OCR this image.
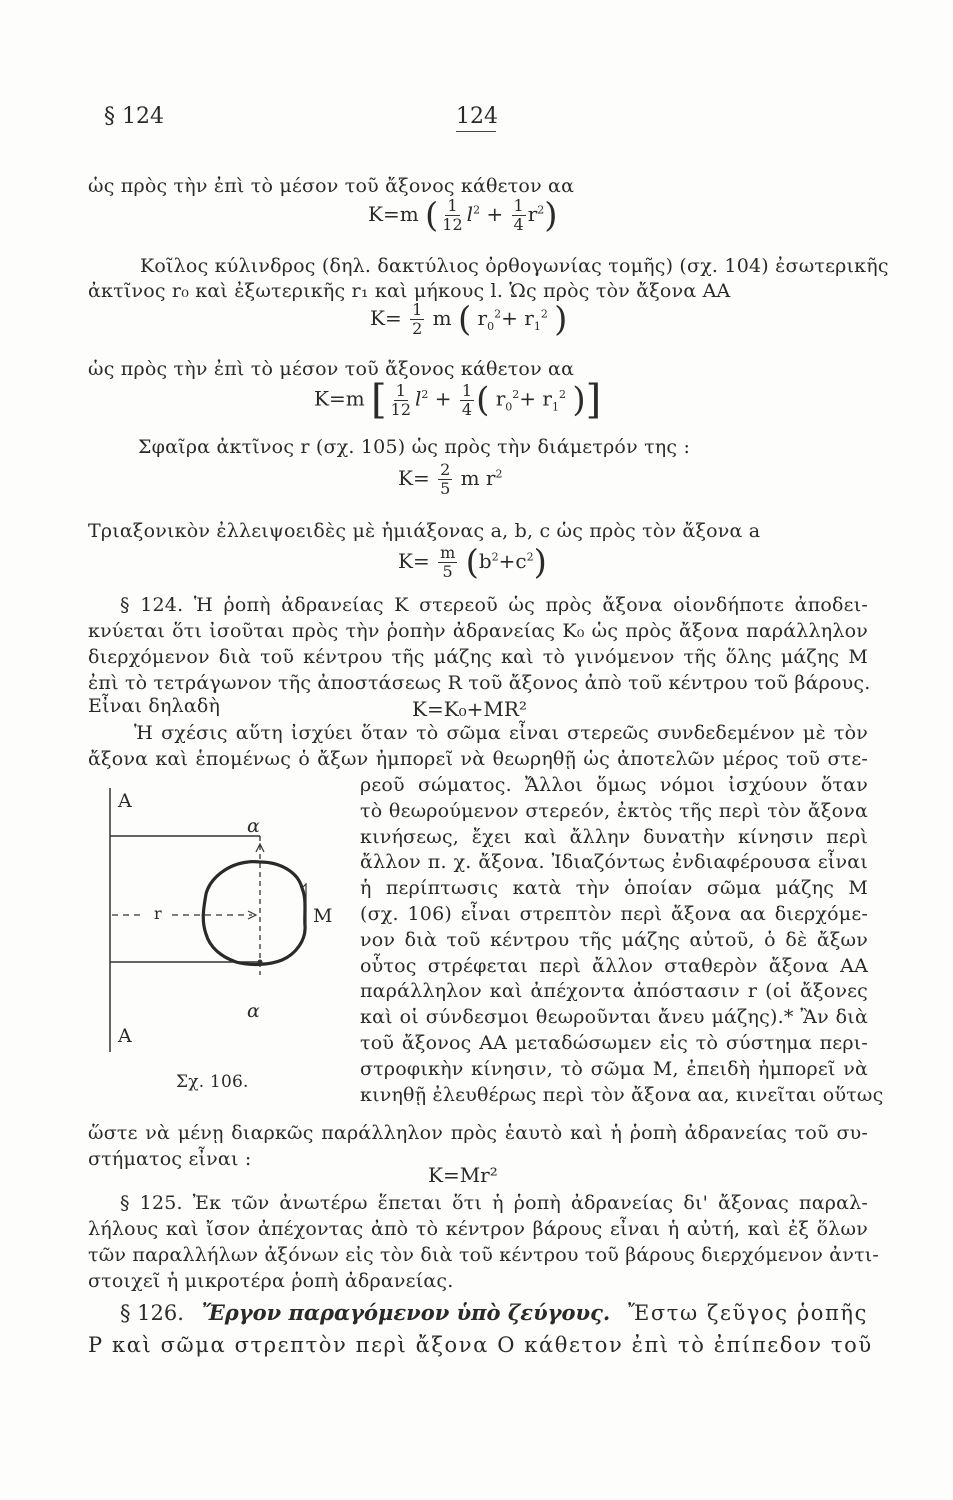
§ 124	124
ὡς πρὸς τὴν ἐπὶ τὸ μέσον τοῦ ἄξονος κάθετον αα
K=m ( $\frac{1}{12} l^2 + \frac{1}{4} r^2$)
Κοῖλος κύλινδρος (δηλ. δακτύλιος ὀρθογωνίας τομῆς) (σχ. 104) ἐσωτερικῆς
ἀκτῖνος r₀ καὶ ἐξωτερικῆς r₁ καὶ μήκους l. Ὡς πρὸς τὸν ἄξονα ΑΑ
$K= \frac{1}{2}$ m ( $r_0^2+ r_1^2$ )
ὡς πρὸς τὴν ἐπὶ τὸ μέσον τοῦ ἄξονος κάθετον αα
K=m [ $\frac{1}{12} l^2 + \frac{1}{4}$ ( $r_0^2+ r_1^2$ )]
Σφαῖρα ἀκτῖνος r (σχ. 105) ὡς πρὸς τὴν διάμετρόν της :
$K= \frac{2}{5}$ m $r^2$
Τριαξονικὸν ἐλλειψοειδὲς μὲ ἡμιάξονας a, b, c ὡς πρὸς τὸν ἄξονα a
$K= \frac{m}{5} (b^2+c^2)$
§ 124. Ἡ ῥοπὴ ἀδρανείας K στερεοῦ ὡς πρὸς ἄξονα οἱονδήποτε ἀποδει-
κνύεται ὅτι ἰσοῦται πρὸς τὴν ῥοπὴν ἀδρανείας K₀ ὡς πρὸς ἄξονα παράλληλον
διερχόμενον διὰ τοῦ κέντρου τῆς μάζης καὶ τὸ γινόμενον τῆς ὅλης μάζης M
ἐπὶ τὸ τετράγωνον τῆς ἀποστάσεως R τοῦ ἄξονος ἀπὸ τοῦ κέντρου τοῦ βάρους.
Εἶναι δηλαδὴ	K=K₀+MR²
Ἡ σχέσις αὕτη ἰσχύει ὅταν τὸ σῶμα εἶναι στερεῶς συνδεδεμένον μὲ τὸν
ἄξονα καὶ ἑπομένως ὁ ἄξων ἠμπορεῖ νὰ θεωρηθῇ ὡς ἀποτελῶν μέρος τοῦ στε-
ρεοῦ σώματος. Ἄλλοι ὅμως νόμοι ἰσχύουν ὅταν
τὸ θεωρούμενον στερεόν, ἐκτὸς τῆς περὶ τὸν ἄξονα
κινήσεως, ἔχει καὶ ἄλλην δυνατὴν κίνησιν περὶ
ἄλλον π. χ. ἄξονα. Ἰδιαζόντως ἐνδιαφέρουσα εἶναι
ἡ περίπτωσις κατὰ τὴν ὁποίαν σῶμα μάζης M
(σχ. 106) εἶναι στρεπτὸν περὶ ἄξονα αα διερχόμε-
νον διὰ τοῦ κέντρου τῆς μάζης αὐτοῦ, ὁ δὲ ἄξων
οὗτος στρέφεται περὶ ἄλλον σταθερὸν ἄξονα ΑΑ
παράλληλον καὶ ἀπέχοντα ἀπόστασιν r (οἱ ἄξονες
καὶ οἱ σύνδεσμοι θεωροῦνται ἄνευ μάζης).* Ἂν διὰ
τοῦ ἄξονος ΑΑ μεταδώσωμεν εἰς τὸ σύστημα περι-
στροφικὴν κίνησιν, τὸ σῶμα M, ἐπειδὴ ἠμπορεῖ νὰ
κινηθῇ ἐλευθέρως περὶ τὸν ἄξονα αα, κινεῖται οὕτως
A
α
r	M
α
A
Σχ. 106.
ὥστε νὰ μένῃ διαρκῶς παράλληλον πρὸς ἑαυτὸ καὶ ἡ ῥοπὴ ἀδρανείας τοῦ συ-
στήματος εἶναι :
K=Mr²
§ 125. Ἐκ τῶν ἀνωτέρω ἕπεται ὅτι ἡ ῥοπὴ ἀδρανείας δι' ἄξονας παραλ-
λήλους καὶ ἴσον ἀπέχοντας ἀπὸ τὸ κέντρον βάρους εἶναι ἡ αὐτή, καὶ ἐξ ὅλων
τῶν παραλλήλων ἀξόνων εἰς τὸν διὰ τοῦ κέντρου τοῦ βάρους διερχόμενον ἀντι-
στοιχεῖ ἡ μικροτέρα ῥοπὴ ἀδρανείας.
§ 126. Ἔργον παραγόμενον ὑπὸ ζεύγους. Ἔστω ζεῦγος ῥοπῆς
P καὶ σῶμα στρεπτὸν περὶ ἄξονα O κάθετον ἐπὶ τὸ ἐπίπεδον τοῦ
